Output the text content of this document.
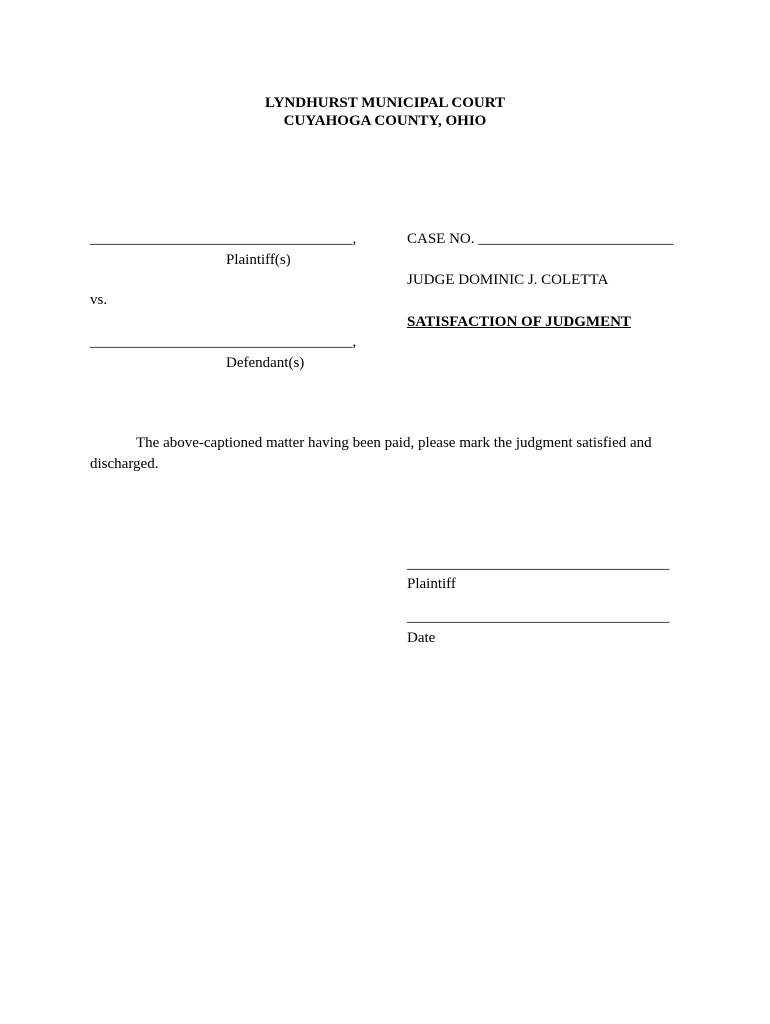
LYNDHURST MUNICIPAL COURT
CUYAHOGA COUNTY, OHIO
___________________________________,
Plaintiff(s)
vs.
___________________________________,
Defendant(s)
CASE NO. __________________________
JUDGE DOMINIC J. COLETTA
SATISFACTION OF JUDGMENT
The above-captioned matter having been paid, please mark the judgment satisfied and
discharged.
___________________________________
Plaintiff
___________________________________
Date
